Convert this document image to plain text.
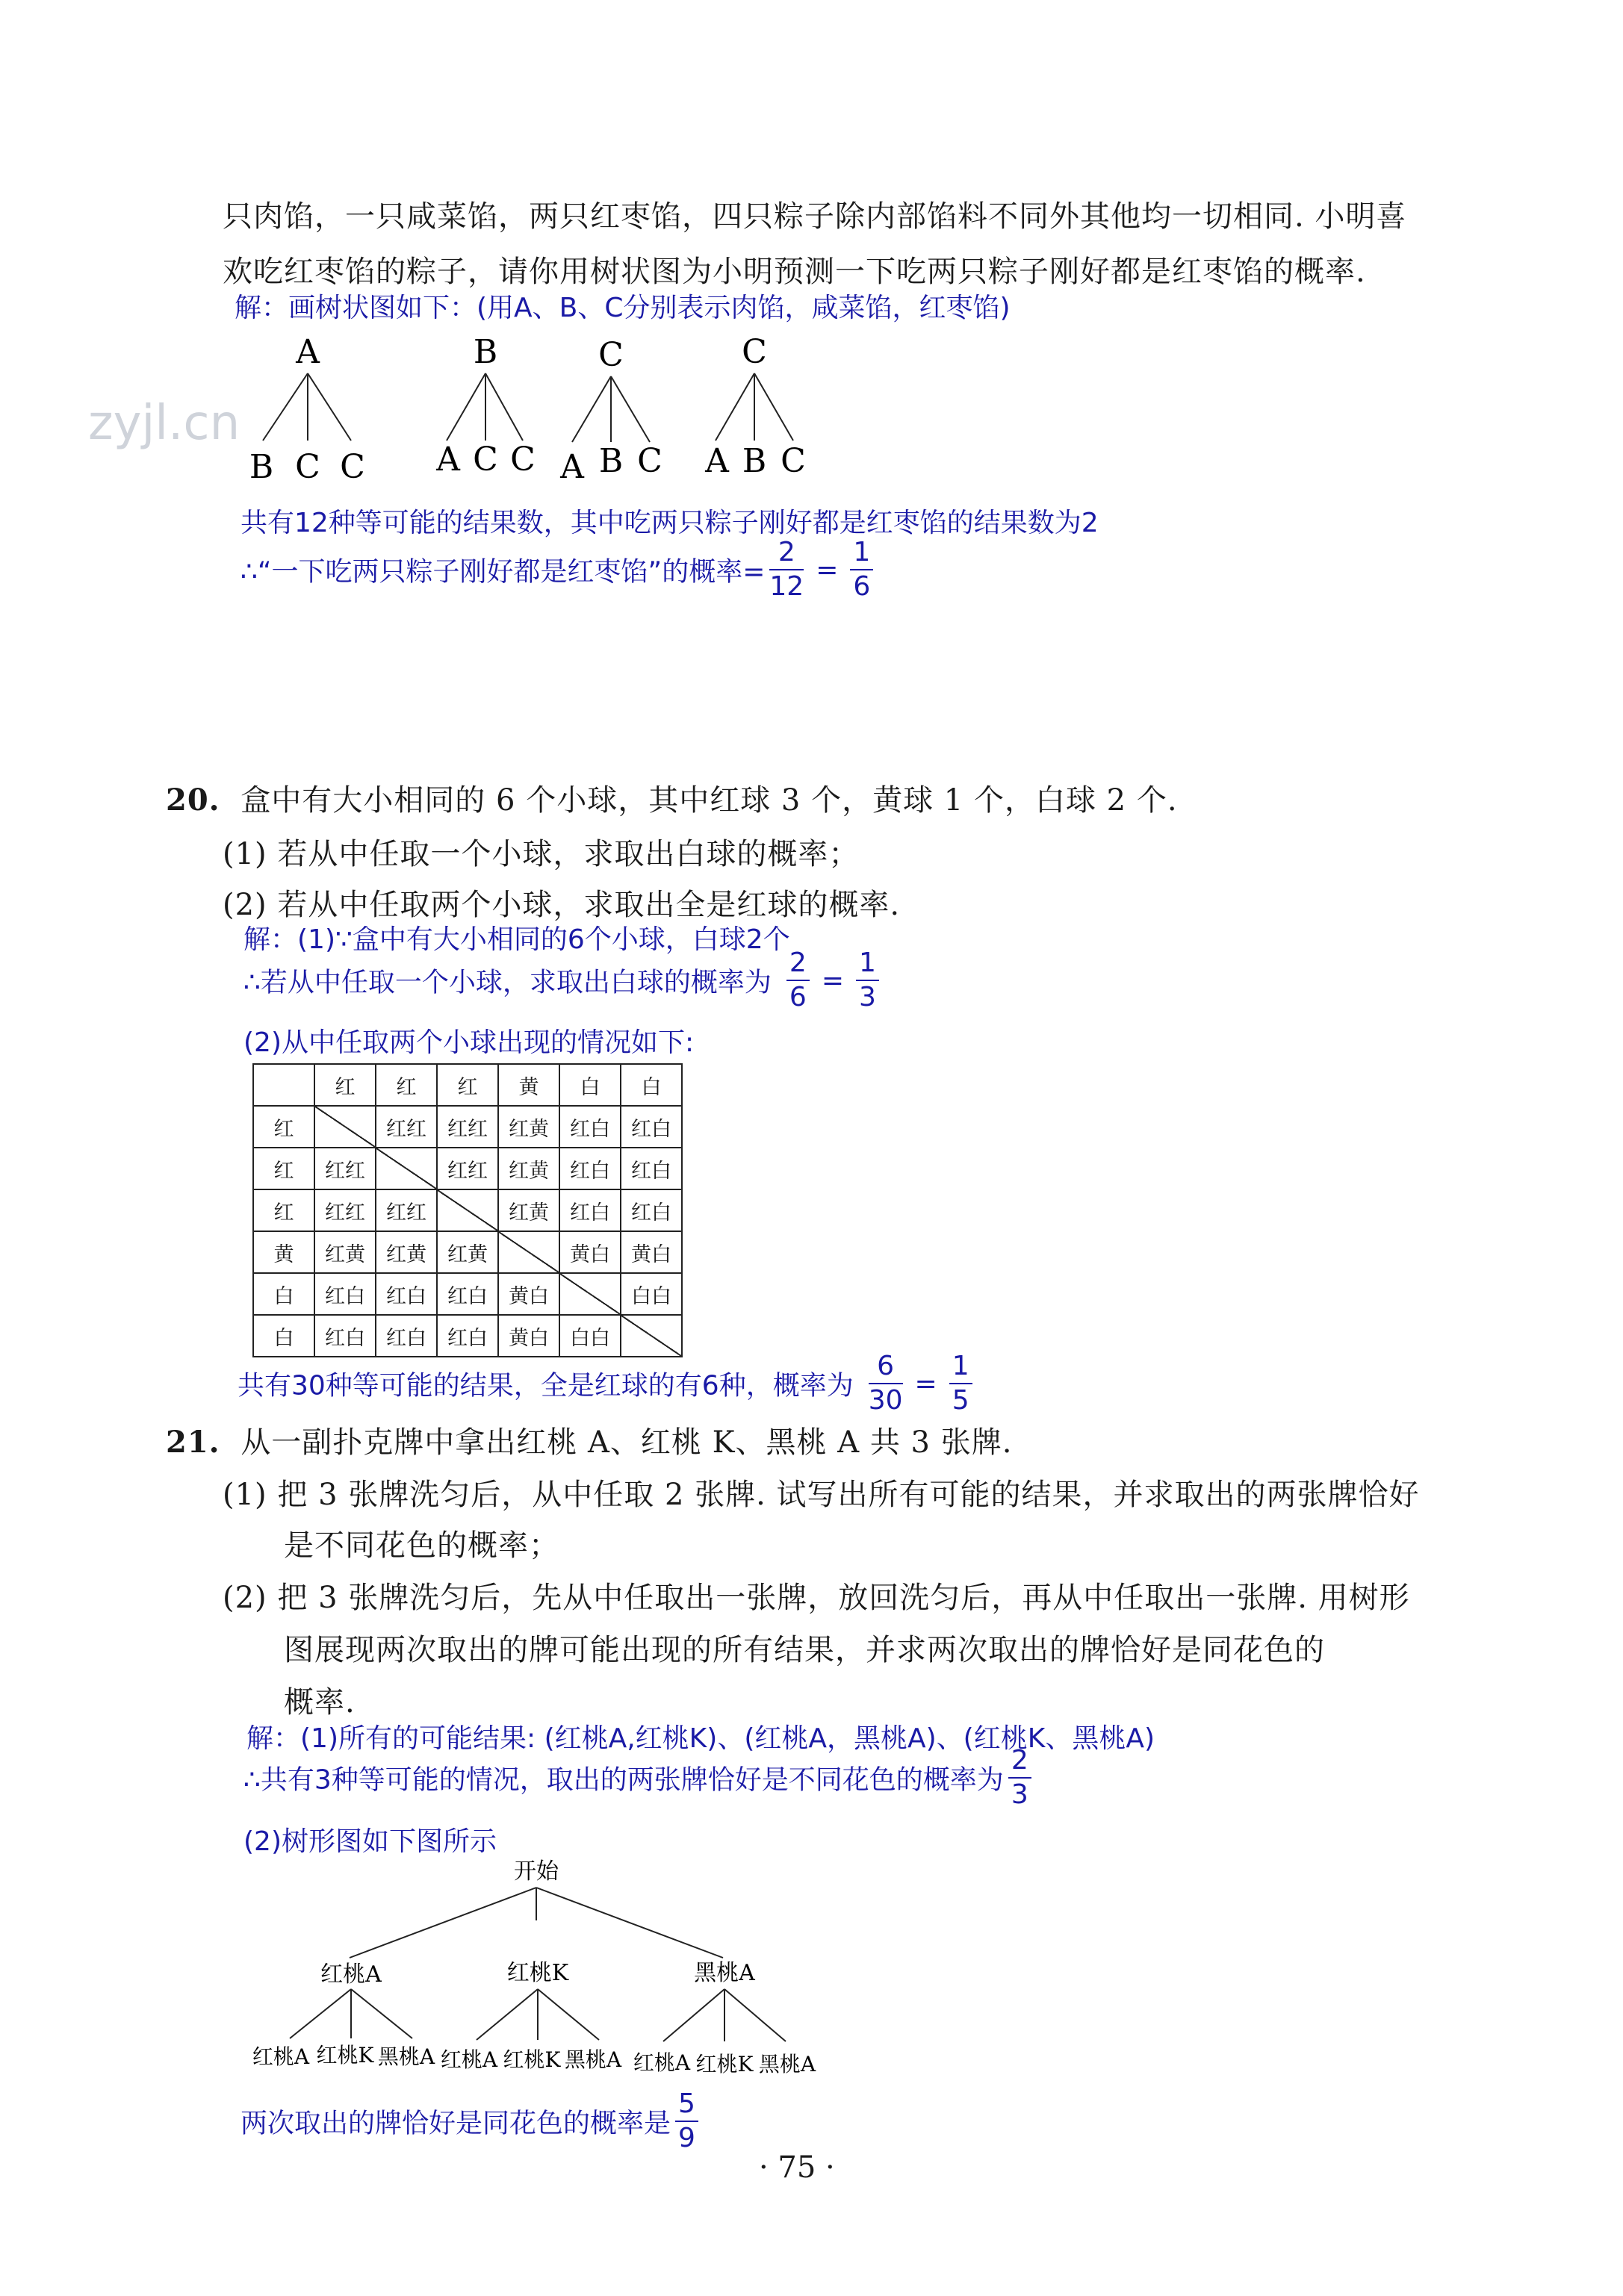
zyjl.cn
只肉馅，一只咸菜馅，两只红枣馅，四只粽子除内部馅料不同外其他均一切相同. 小明喜
欢吃红枣馅的粽子，请你用树状图为小明预测一下吃两只粽子刚好都是红枣馅的概率.
解：画树状图如下：(用A、B、C分别表示肉馅，咸菜馅，红枣馅)
A
B C C
B
A C C
C
A B C
C
A B C
共有12种等可能的结果数，其中吃两只粽子刚好都是红枣馅的结果数为2
∴“一下吃两只粽子刚好都是红枣馅”的概率= $\frac{2}{12} = \frac{1}{6}$
20. 盒中有大小相同的 6 个小球，其中红球 3 个，黄球 1 个，白球 2 个.
(1) 若从中任取一个小球，求取出白球的概率；
(2) 若从中任取两个小球，求取出全是红球的概率.
解：(1)∵盒中有大小相同的6个小球，白球2个
∴若从中任取一个小球，求取出白球的概率为 $\frac{2}{6} = \frac{1}{3}$
(2)从中任取两个小球出现的情况如下:
	红	红	红	黄	白	白
红		红红	红红	红黄	红白	红白
红	红红		红红	红黄	红白	红白
红	红红	红红		红黄	红白	红白
黄	红黄	红黄	红黄		黄白	黄白
白	红白	红白	红白	黄白		白白
白	红白	红白	红白	黄白	白白	
共有30种等可能的结果，全是红球的有6种，概率为 $\frac{6}{30} = \frac{1}{5}$
21. 从一副扑克牌中拿出红桃 A、红桃 K、黑桃 A 共 3 张牌.
(1) 把 3 张牌洗匀后，从中任取 2 张牌. 试写出所有可能的结果，并求取出的两张牌恰好
是不同花色的概率；
(2) 把 3 张牌洗匀后，先从中任取出一张牌，放回洗匀后，再从中任取出一张牌. 用树形
图展现两次取出的牌可能出现的所有结果，并求两次取出的牌恰好是同花色的
概率.
解：(1)所有的可能结果: (红桃A,红桃K)、(红桃A，黑桃A)、(红桃K、黑桃A)
∴共有3种等可能的情况，取出的两张牌恰好是不同花色的概率为 $\frac{2}{3}$
(2)树形图如下图所示
开始
红桃A	红桃K	黑桃A
红桃A 红桃K 黑桃A 红桃A 红桃K 黑桃A 红桃A 红桃K 黑桃A
两次取出的牌恰好是同花色的概率是 $\frac{5}{9}$
· 75 ·
